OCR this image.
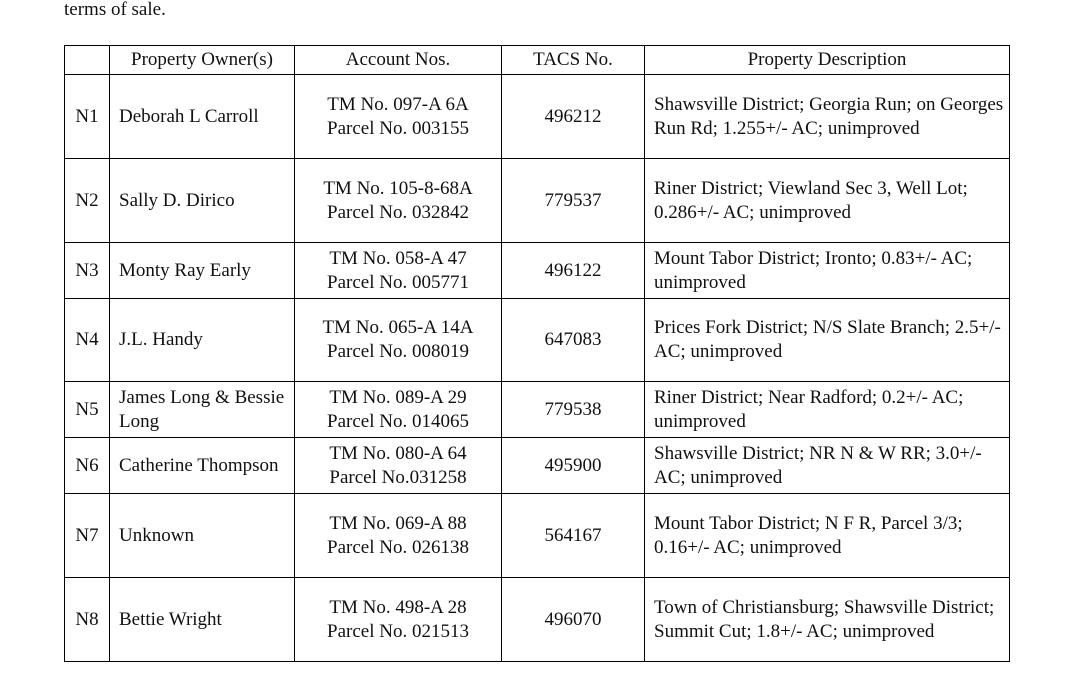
terms of sale.
	Property Owner(s)	Account Nos.	TACS No.	Property Description
N1	Deborah L Carroll	TM No. 097-A 6A
Parcel No. 003155	496212	Shawsville District; Georgia Run; on Georges Run Rd; 1.255+/- AC; unimproved
N2	Sally D. Dirico	TM No. 105-8-68A
Parcel No. 032842	779537	Riner District; Viewland Sec 3, Well Lot; 0.286+/- AC; unimproved
N3	Monty Ray Early	TM No. 058-A 47
Parcel No. 005771	496122	Mount Tabor District; Ironto; 0.83+/- AC; unimproved
N4	J.L. Handy	TM No. 065-A 14A
Parcel No. 008019	647083	Prices Fork District; N/S Slate Branch; 2.5+/- AC; unimproved
N5	James Long & Bessie Long	TM No. 089-A 29
Parcel No. 014065	779538	Riner District; Near Radford; 0.2+/- AC; unimproved
N6	Catherine Thompson	TM No. 080-A 64
Parcel No.031258	495900	Shawsville District; NR N & W RR; 3.0+/- AC; unimproved
N7	Unknown	TM No. 069-A 88
Parcel No. 026138	564167	Mount Tabor District; N F R, Parcel 3/3; 0.16+/- AC; unimproved
N8	Bettie Wright	TM No. 498-A 28
Parcel No. 021513	496070	Town of Christiansburg; Shawsville District; Summit Cut; 1.8+/- AC; unimproved
